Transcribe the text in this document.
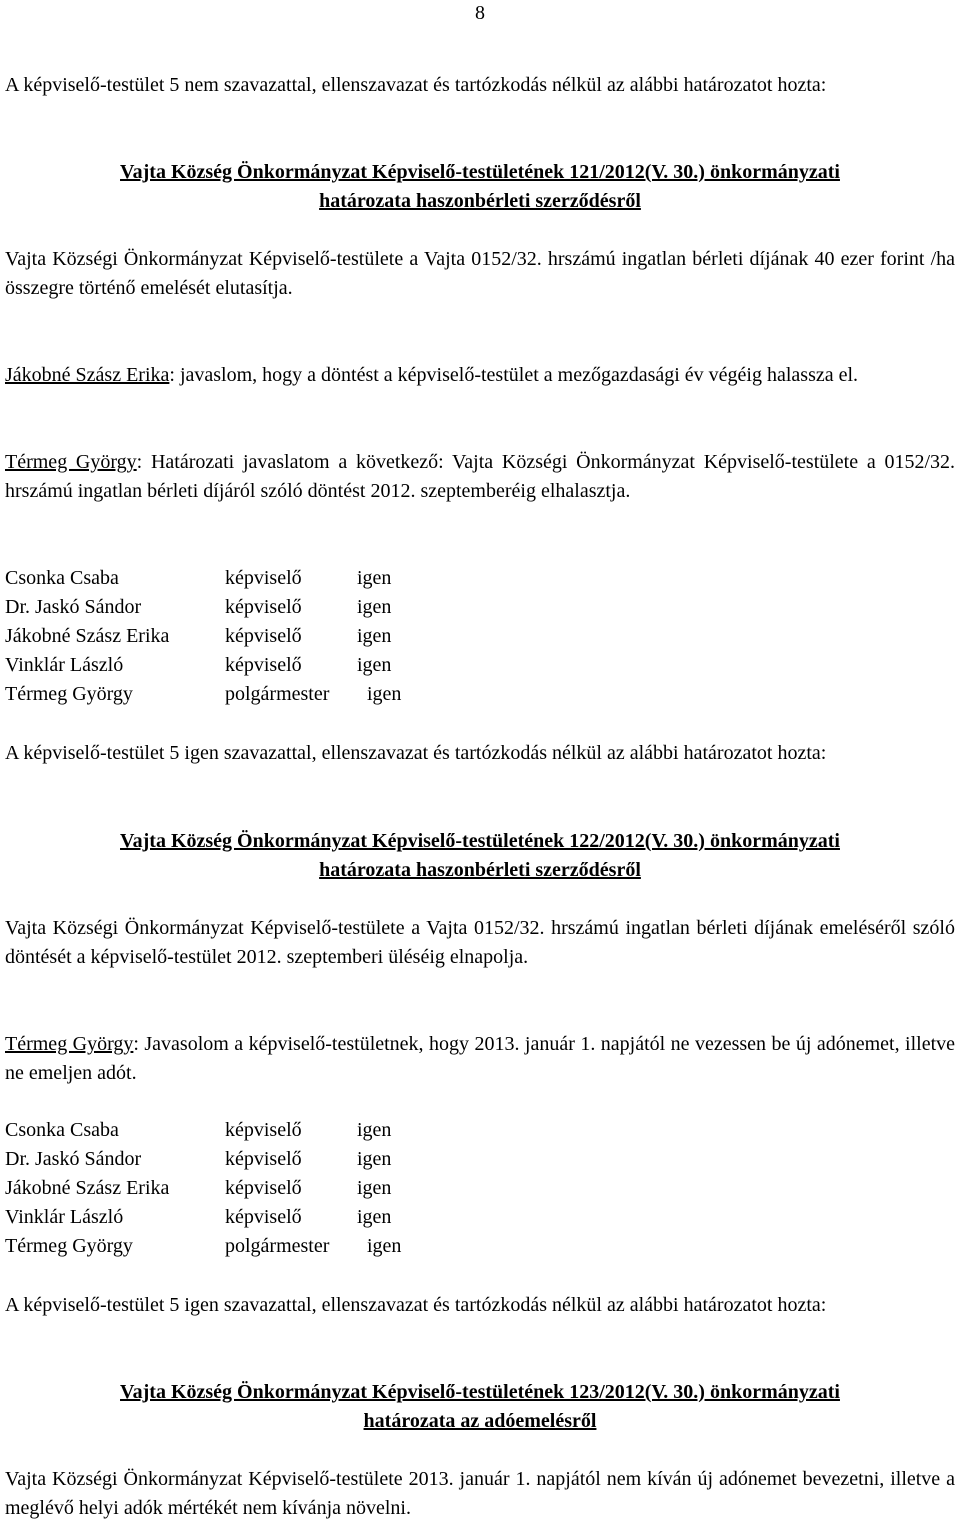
8

A képviselő-testület 5 nem szavazattal, ellenszavazat és tartózkodás nélkül az alábbi határozatot hozta:

Vajta Község Önkormányzat Képviselő-testületének 121/2012(V. 30.) önkormányzati
határozata haszonbérleti szerződésről

Vajta Községi Önkormányzat Képviselő-testülete a Vajta 0152/32. hrszámú ingatlan bérleti díjának 40 ezer forint /ha összegre történő emelését elutasítja.

Jákobné Szász Erika: javaslom, hogy a döntést a képviselő-testület a mezőgazdasági év végéig halassza el.

Térmeg György: Határozati javaslatom a következő: Vajta Községi Önkormányzat Képviselő-testülete a 0152/32. hrszámú ingatlan bérleti díjáról szóló döntést 2012. szeptemberéig elhalasztja.

Csonka Csaba	képviselő	igen
Dr. Jaskó Sándor	képviselő	igen
Jákobné Szász Erika	képviselő	igen
Vinklár László	képviselő	igen
Térmeg György	polgármester	igen

A képviselő-testület 5 igen szavazattal, ellenszavazat és tartózkodás nélkül az alábbi határozatot hozta:

Vajta Község Önkormányzat Képviselő-testületének 122/2012(V. 30.) önkormányzati
határozata haszonbérleti szerződésről

Vajta Községi Önkormányzat Képviselő-testülete a Vajta 0152/32. hrszámú ingatlan bérleti díjának emeléséről szóló döntését a képviselő-testület 2012. szeptemberi üléséig elnapolja.

Térmeg György: Javasolom a képviselő-testületnek, hogy 2013. január 1. napjától ne vezessen be új adónemet, illetve ne emeljen adót.

Csonka Csaba	képviselő	igen
Dr. Jaskó Sándor	képviselő	igen
Jákobné Szász Erika	képviselő	igen
Vinklár László	képviselő	igen
Térmeg György	polgármester	igen

A képviselő-testület 5 igen szavazattal, ellenszavazat és tartózkodás nélkül az alábbi határozatot hozta:

Vajta Község Önkormányzat Képviselő-testületének 123/2012(V. 30.) önkormányzati
határozata az adóemelésről

Vajta Községi Önkormányzat Képviselő-testülete 2013. január 1. napjától nem kíván új adónemet bevezetni, illetve a meglévő helyi adók mértékét nem kívánja növelni.
